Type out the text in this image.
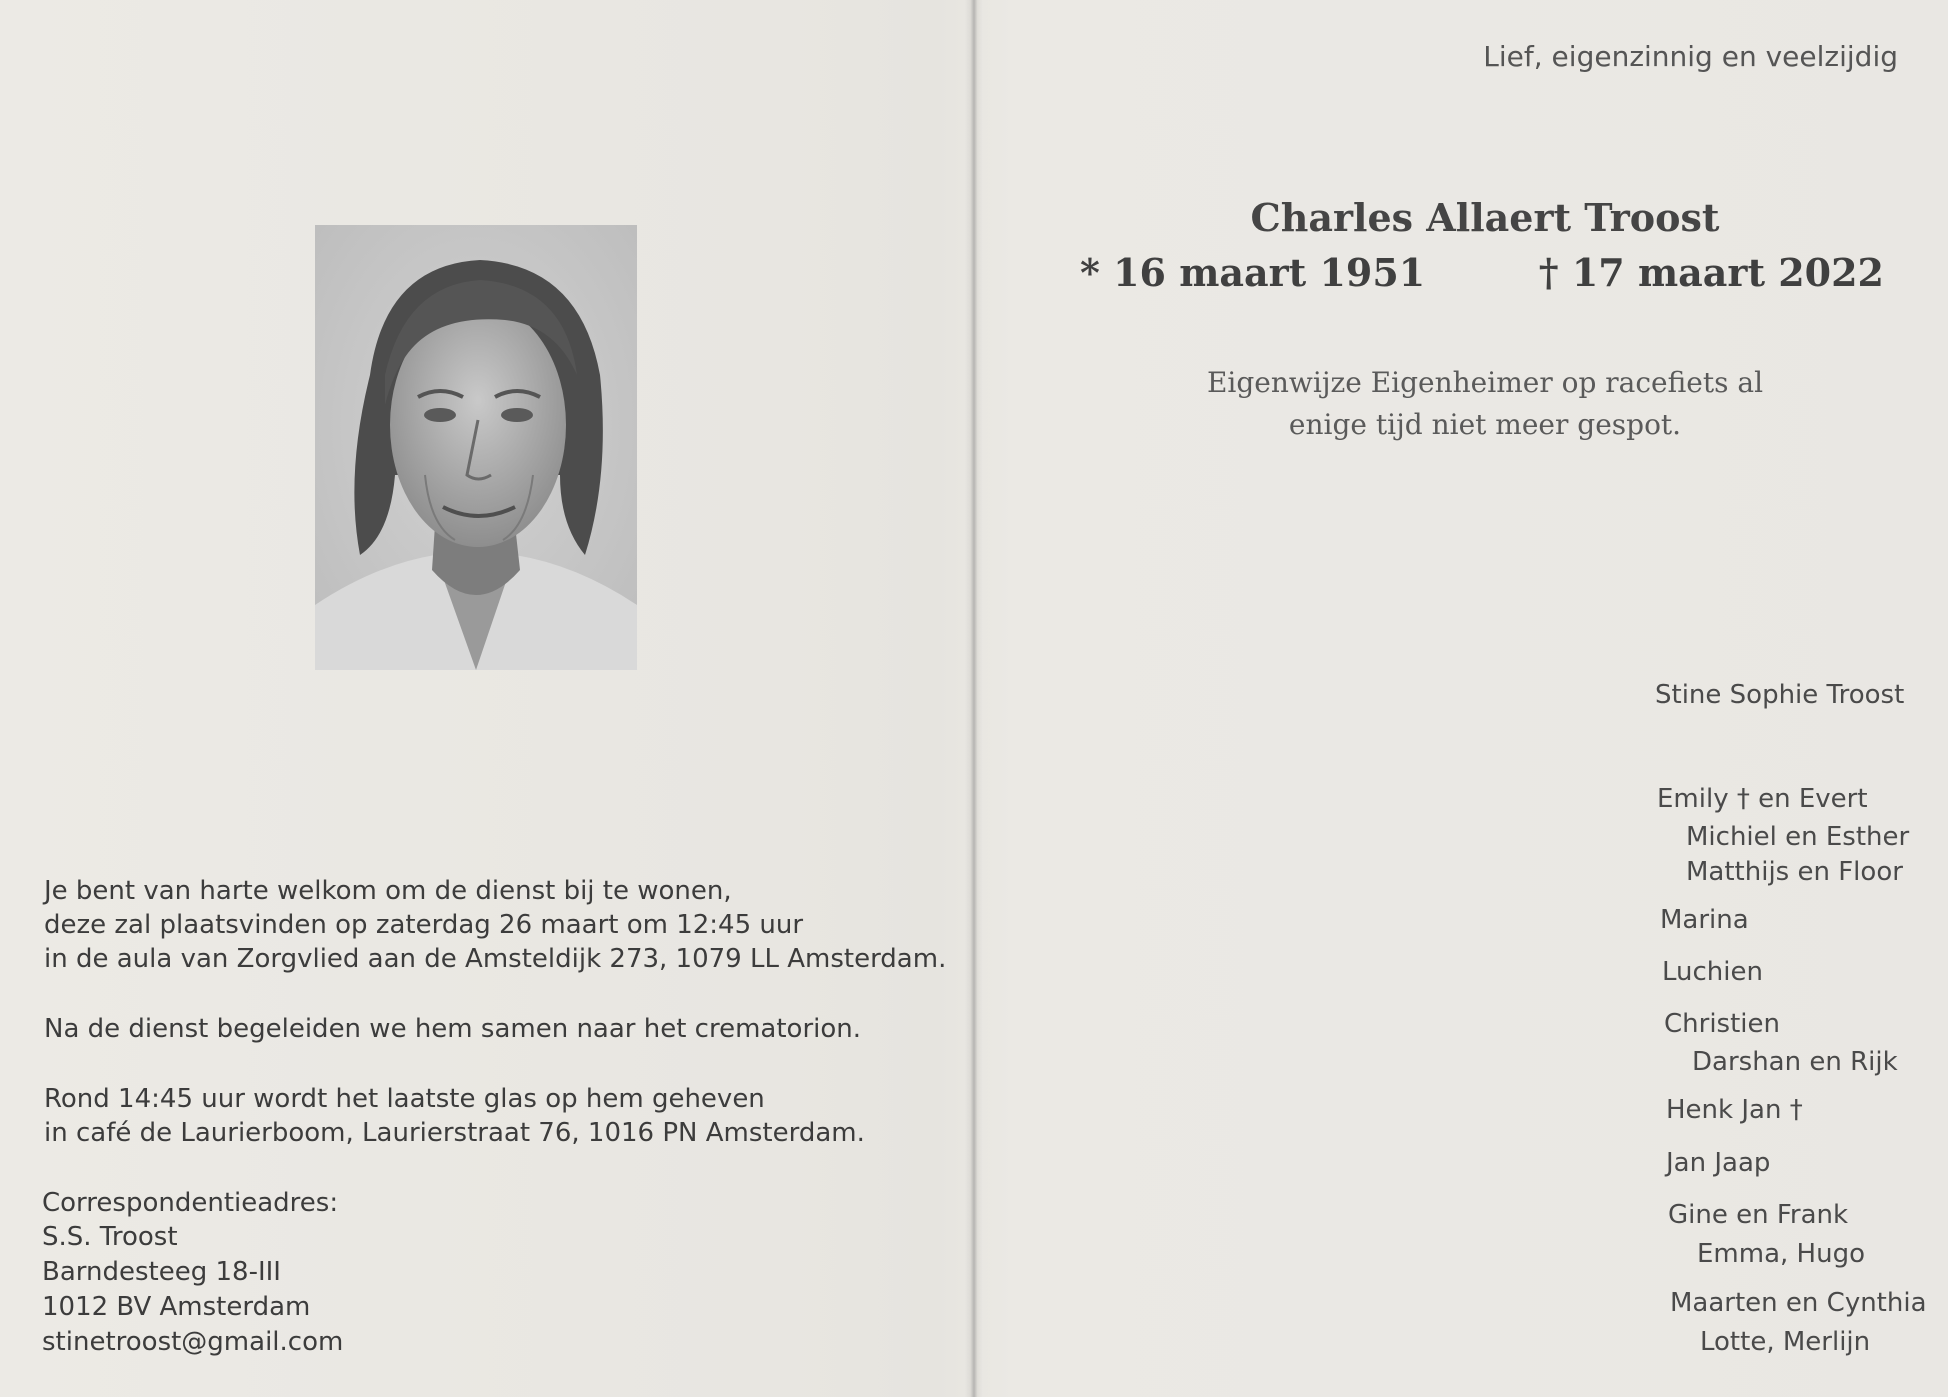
Je bent van harte welkom om de dienst bij te wonen,
deze zal plaatsvinden op zaterdag 26 maart om 12:45 uur
in de aula van Zorgvlied aan de Amsteldijk 273, 1079 LL Amsterdam.
Na de dienst begeleiden we hem samen naar het crematorion.
Rond 14:45 uur wordt het laatste glas op hem geheven
in café de Laurierboom, Laurierstraat 76, 1016 PN Amsterdam.
Correspondentieadres:
S.S. Troost
Barndesteeg 18-III
1012 BV Amsterdam
stinetroost@gmail.com
Lief, eigenzinnig en veelzijdig
Charles Allaert Troost
* 16 maart 1951	† 17 maart 2022
Eigenwijze Eigenheimer op racefiets al
enige tijd niet meer gespot.
Stine Sophie Troost
Emily † en Evert
Michiel en Esther
Matthijs en Floor
Marina
Luchien
Christien
Darshan en Rijk
Henk Jan †
Jan Jaap
Gine en Frank
Emma, Hugo
Maarten en Cynthia
Lotte, Merlijn
